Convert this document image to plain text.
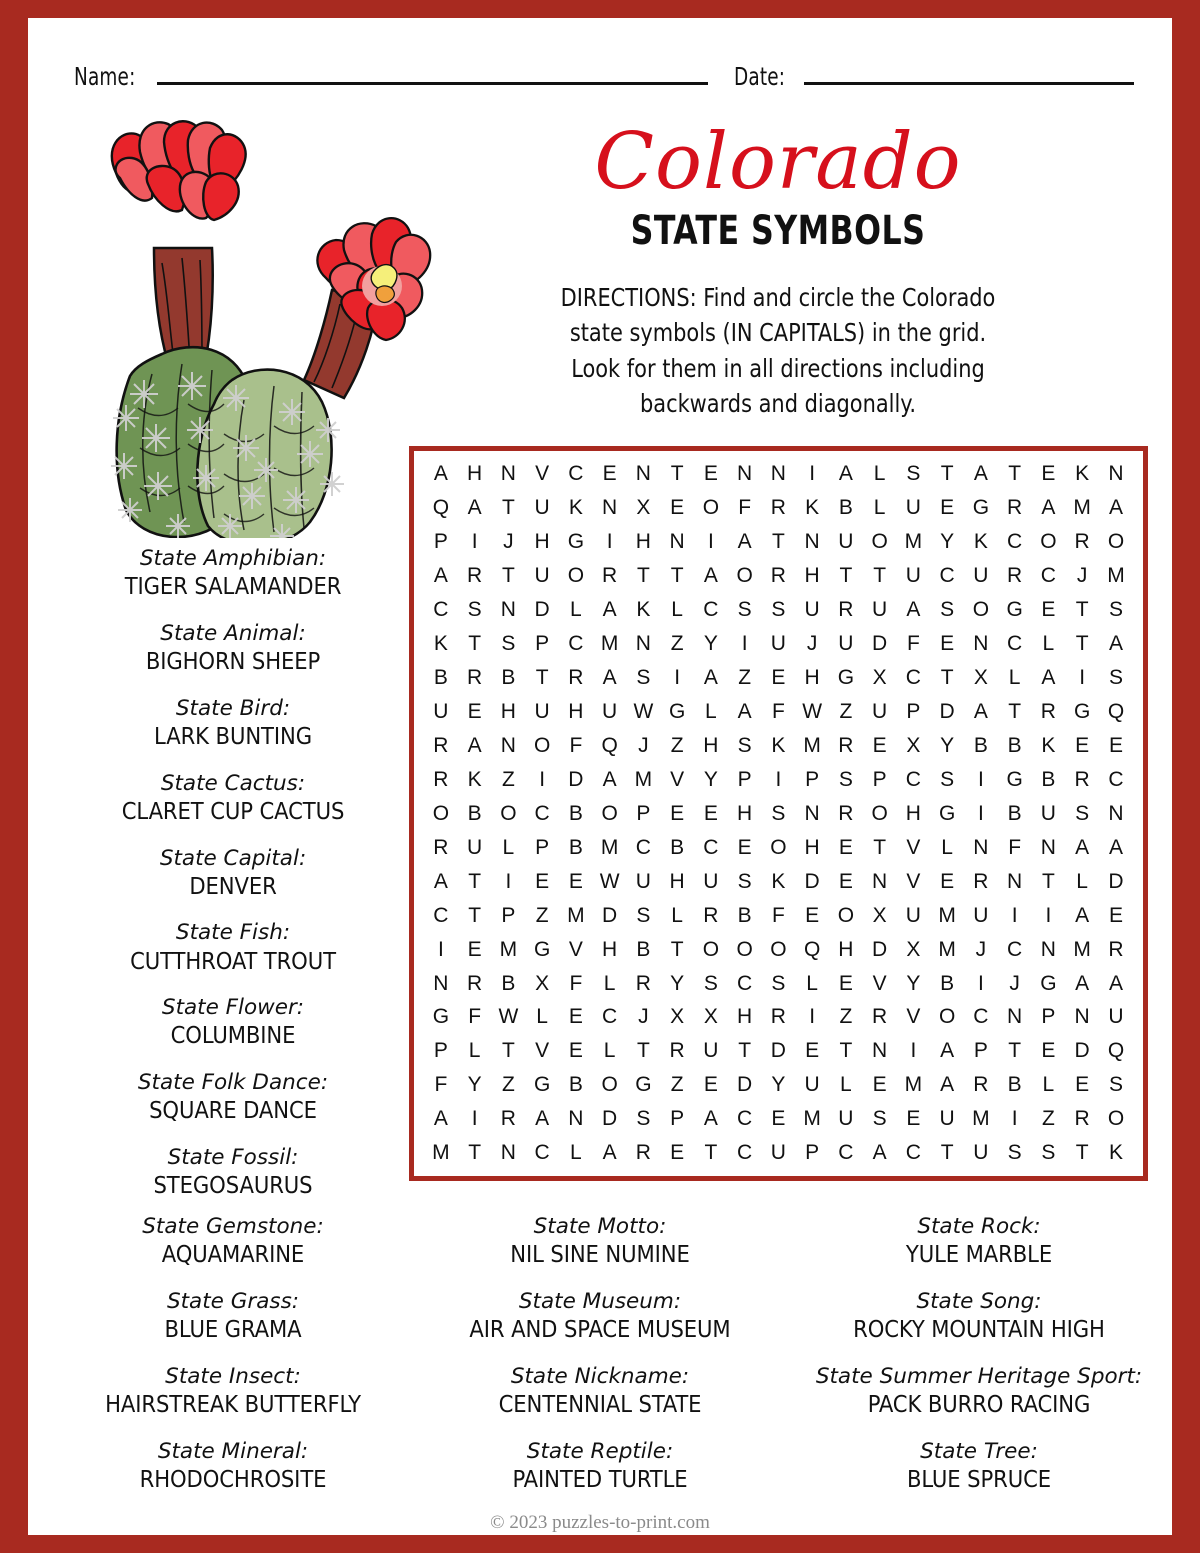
Name:	Date:
Colorado
STATE SYMBOLS
DIRECTIONS: Find and circle the Colorado
state symbols (IN CAPITALS) in the grid.
Look for them in all directions including
backwards and diagonally.
A	H	N	V	C	E	N	T	E	N	N	I	A	L	S	T	A	T	E	K	N
Q	A	T	U	K	N	X	E	O	F	R	K	B	L	U	E	G	R	A	M	A
P	I	J	H	G	I	H	N	I	A	T	N	U	O	M	Y	K	C	O	R	O
A	R	T	U	O	R	T	T	A	O	R	H	T	T	U	C	U	R	C	J	M
C	S	N	D	L	A	K	L	C	S	S	U	R	U	A	S	O	G	E	T	S
K	T	S	P	C	M	N	Z	Y	I	U	J	U	D	F	E	N	C	L	T	A
B	R	B	T	R	A	S	I	A	Z	E	H	G	X	C	T	X	L	A	I	S
U	E	H	U	H	U	W	G	L	A	F	W	Z	U	P	D	A	T	R	G	Q
R	A	N	O	F	Q	J	Z	H	S	K	M	R	E	X	Y	B	B	K	E	E
R	K	Z	I	D	A	M	V	Y	P	I	P	S	P	C	S	I	G	B	R	C
O	B	O	C	B	O	P	E	E	H	S	N	R	O	H	G	I	B	U	S	N
R	U	L	P	B	M	C	B	C	E	O	H	E	T	V	L	N	F	N	A	A
A	T	I	E	E	W	U	H	U	S	K	D	E	N	V	E	R	N	T	L	D
C	T	P	Z	M	D	S	L	R	B	F	E	O	X	U	M	U	I	I	A	E
I	E	M	G	V	H	B	T	O	O	O	Q	H	D	X	M	J	C	N	M	R
N	R	B	X	F	L	R	Y	S	C	S	L	E	V	Y	B	I	J	G	A	A
G	F	W	L	E	C	J	X	X	H	R	I	Z	R	V	O	C	N	P	N	U
P	L	T	V	E	L	T	R	U	T	D	E	T	N	I	A	P	T	E	D	Q
F	Y	Z	G	B	O	G	Z	E	D	Y	U	L	E	M	A	R	B	L	E	S
A	I	R	A	N	D	S	P	A	C	E	M	U	S	E	U	M	I	Z	R	O
M	T	N	C	L	A	R	E	T	C	U	P	C	A	C	T	U	S	S	T	K
State Amphibian:
TIGER SALAMANDER
State Animal:
BIGHORN SHEEP
State Bird:
LARK BUNTING
State Cactus:
CLARET CUP CACTUS
State Capital:
DENVER
State Fish:
CUTTHROAT TROUT
State Flower:
COLUMBINE
State Folk Dance:
SQUARE DANCE
State Fossil:
STEGOSAURUS
State Gemstone:
AQUAMARINE
State Grass:
BLUE GRAMA
State Insect:
HAIRSTREAK BUTTERFLY
State Mineral:
RHODOCHROSITE
State Motto:
NIL SINE NUMINE
State Museum:
AIR AND SPACE MUSEUM
State Nickname:
CENTENNIAL STATE
State Reptile:
PAINTED TURTLE
State Rock:
YULE MARBLE
State Song:
ROCKY MOUNTAIN HIGH
State Summer Heritage Sport:
PACK BURRO RACING
State Tree:
BLUE SPRUCE
© 2023 puzzles-to-print.com
